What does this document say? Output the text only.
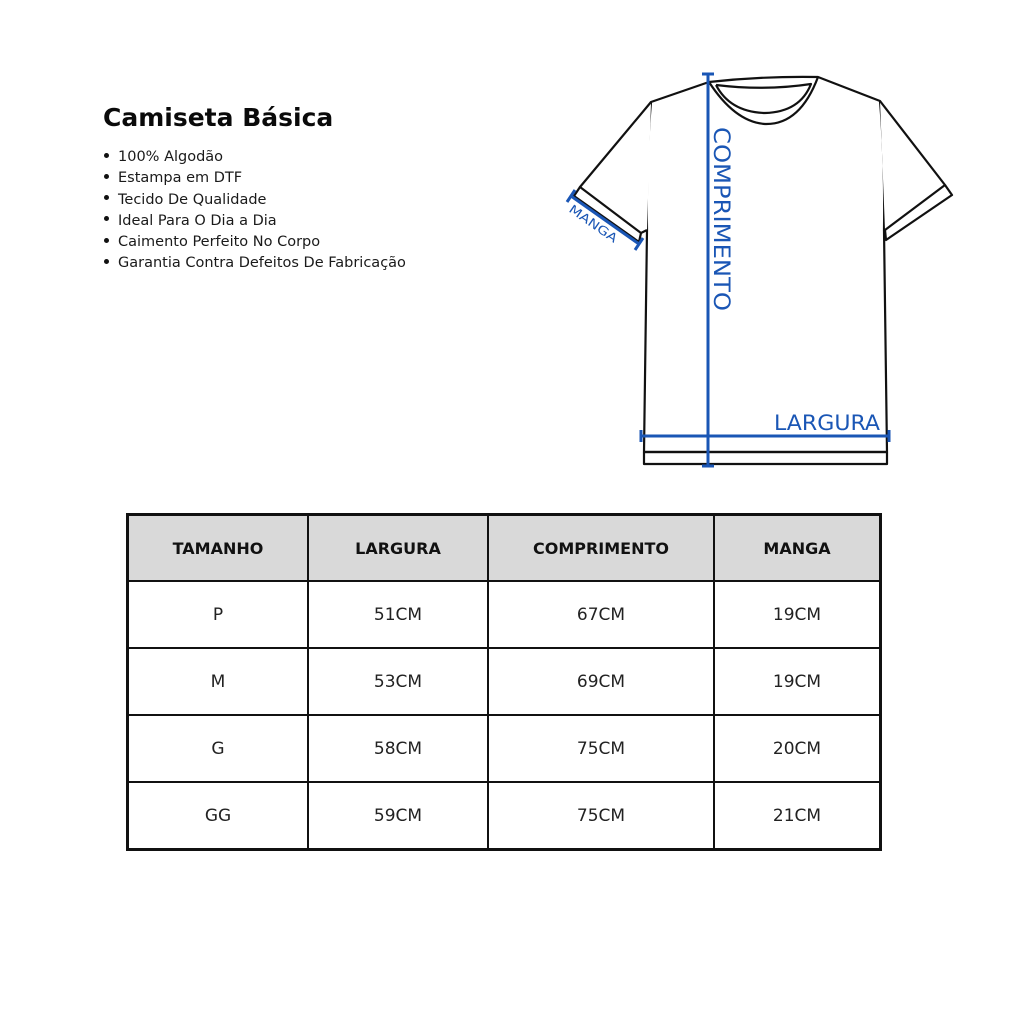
Camiseta Básica
100% Algodão
Estampa em DTF
Tecido De Qualidade
Ideal Para O Dia a Dia
Caimento Perfeito No Corpo
Garantia Contra Defeitos De Fabricação	COMPRIMENTO
LARGURA
MANGA
TAMANHO	LARGURA	COMPRIMENTO	MANGA
P	51CM	67CM	19CM
M	53CM	69CM	19CM
G	58CM	75CM	20CM
GG	59CM	75CM	21CM
